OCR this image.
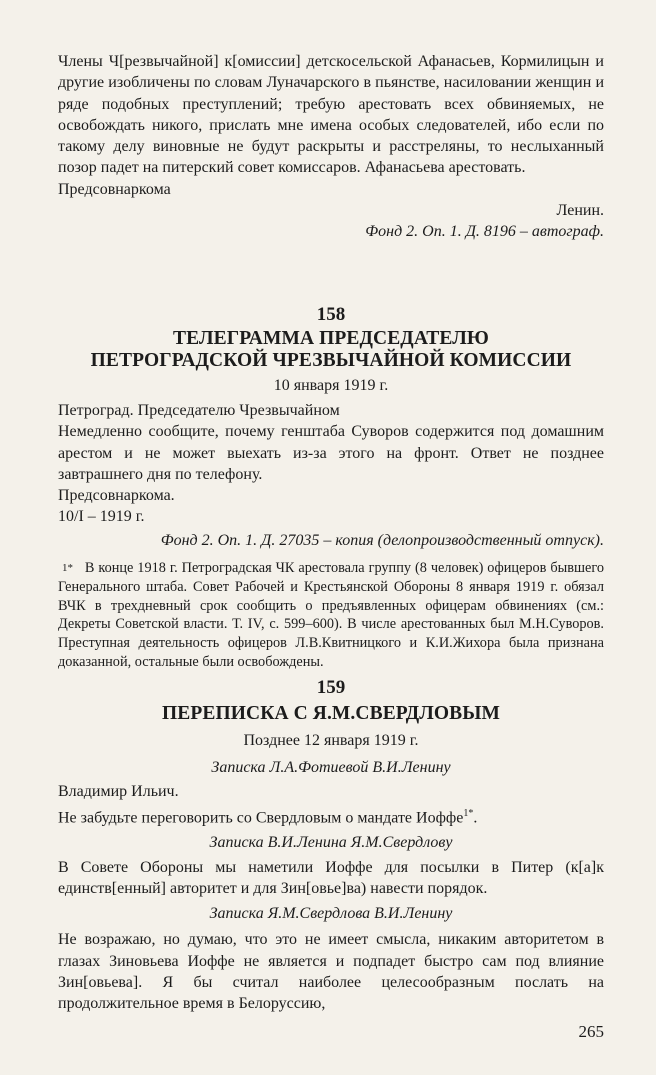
Члены Ч[резвычайной] к[омиссии] детскосельской Афанасьев, Кормилицын и другие изобличены по словам Луначарского в пьянстве, насиловании женщин и ряде подобных преступлений; требую арестовать всех обвиняемых, не освобождать никого, прислать мне имена особых следователей, ибо если по такому делу виновные не будут раскрыты и расстреляны, то неслыханный позор падет на питерский совет комиссаров. Афанасьева арестовать.

Предсовнаркома

Ленин.

Фонд 2. Оп. 1. Д. 8196 – автограф.

158

ТЕЛЕГРАММА ПРЕДСЕДАТЕЛЮ

ПЕТРОГРАДСКОЙ ЧРЕЗВЫЧАЙНОЙ КОМИССИИ

10 января 1919 г.

Петроград. Председателю Чрезвычайном

Немедленно сообщите, почему генштаба Суворов содержится под домашним арестом и не может выехать из-за этого на фронт. Ответ не позднее завтрашнего дня по телефону.

Предсовнаркома.

10/I – 1919 г.

Фонд 2. Оп. 1. Д. 27035 – копия (делопроизводственный отпуск).

$^{1*}$ В конце 1918 г. Петроградская ЧК арестовала группу (8 человек) офицеров бывшего Генерального штаба. Совет Рабочей и Крестьянской Обороны 8 января 1919 г. обязал ВЧК в трехдневный срок сообщить о предъявленных офицерам обвинениях (см.: Декреты Советской власти. Т. IV, с. 599–600). В числе арестованных был М.Н.Суворов. Преступная деятельность офицеров Л.В.Квитницкого и К.И.Жихора была признана доказанной, остальные были освобождены.

159

ПЕРЕПИСКА С Я.М.СВЕРДЛОВЫМ

Позднее 12 января 1919 г.

Записка Л.А.Фотиевой В.И.Ленину

Владимир Ильич.

Не забудьте переговорить со Свердловым о мандате Иоффе$^{1*}$.

Записка В.И.Ленина Я.М.Свердлову

В Совете Обороны мы наметили Иоффе для посылки в Питер (к[а]к единств[енный] авторитет и для Зин[овье]ва) навести порядок.

Записка Я.М.Свердлова В.И.Ленину

Не возражаю, но думаю, что это не имеет смысла, никаким авторитетом в глазах Зиновьева Иоффе не является и подпадет быстро сам под влияние Зин[овьева]. Я бы считал наиболее целесообразным послать на продолжительное время в Белоруссию,

265
